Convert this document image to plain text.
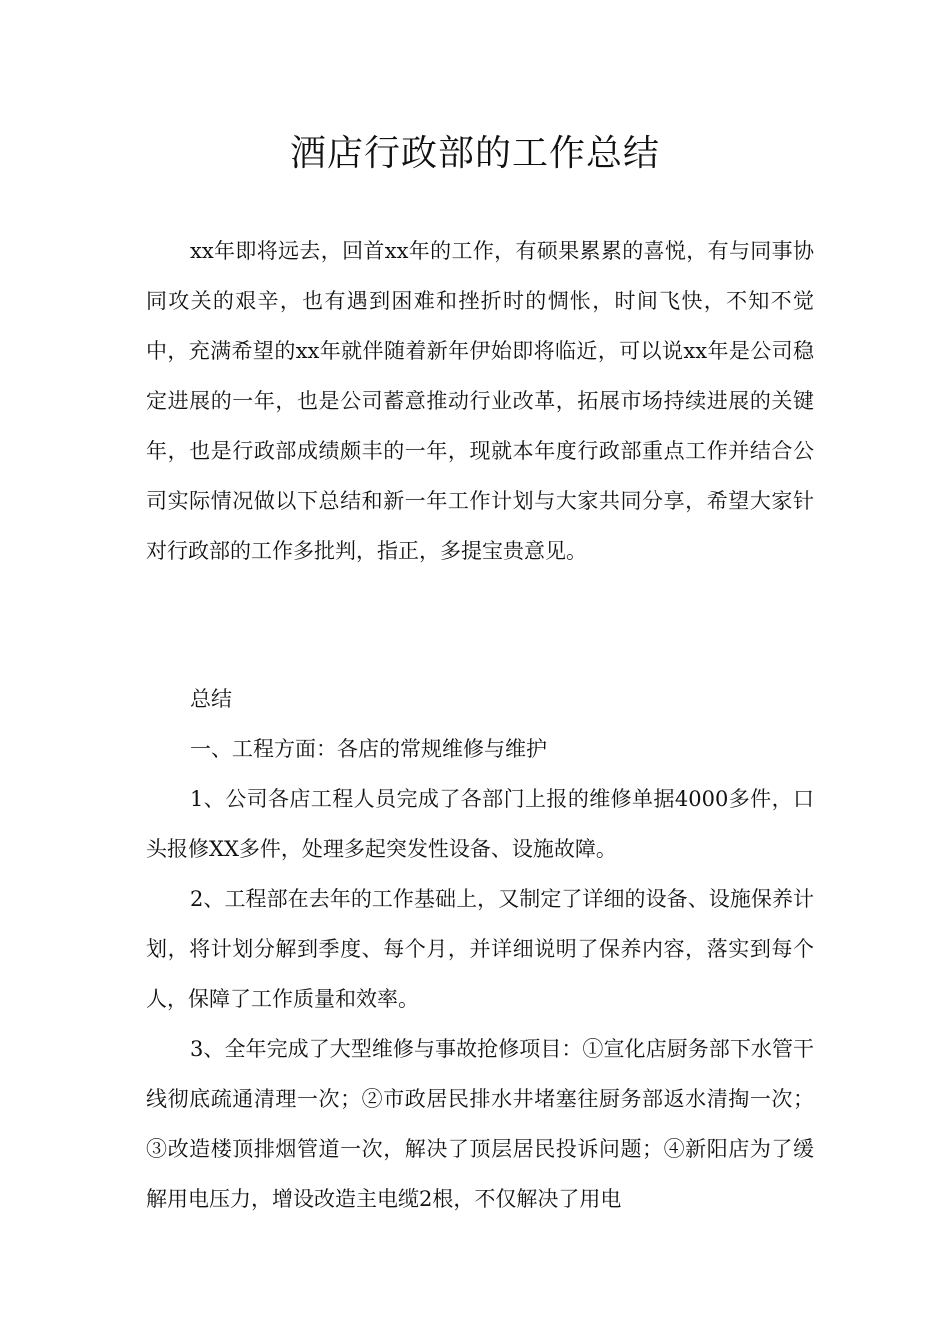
酒店行政部的工作总结

xx年即将远去，回首xx年的工作，有硕果累累的喜悦，有与同事协同攻关的艰辛，也有遇到困难和挫折时的惆怅，时间飞快，不知不觉中，充满希望的xx年就伴随着新年伊始即将临近，可以说xx年是公司稳定进展的一年，也是公司蓄意推动行业改革，拓展市场持续进展的关键年，也是行政部成绩颇丰的一年，现就本年度行政部重点工作并结合公司实际情况做以下总结和新一年工作计划与大家共同分享，希望大家针对行政部的工作多批判，指正，多提宝贵意见。

总结

一、工程方面：各店的常规维修与维护

1、公司各店工程人员完成了各部门上报的维修单据4000多件，口头报修XX多件，处理多起突发性设备、设施故障。

2、工程部在去年的工作基础上，又制定了详细的设备、设施保养计划，将计划分解到季度、每个月，并详细说明了保养内容，落实到每个人，保障了工作质量和效率。

3、全年完成了大型维修与事故抢修项目：①宣化店厨务部下水管干线彻底疏通清理一次；②市政居民排水井堵塞往厨务部返水清掏一次；③改造楼顶排烟管道一次，解决了顶层居民投诉问题；④新阳店为了缓解用电压力，增设改造主电缆2根，不仅解决了用电
